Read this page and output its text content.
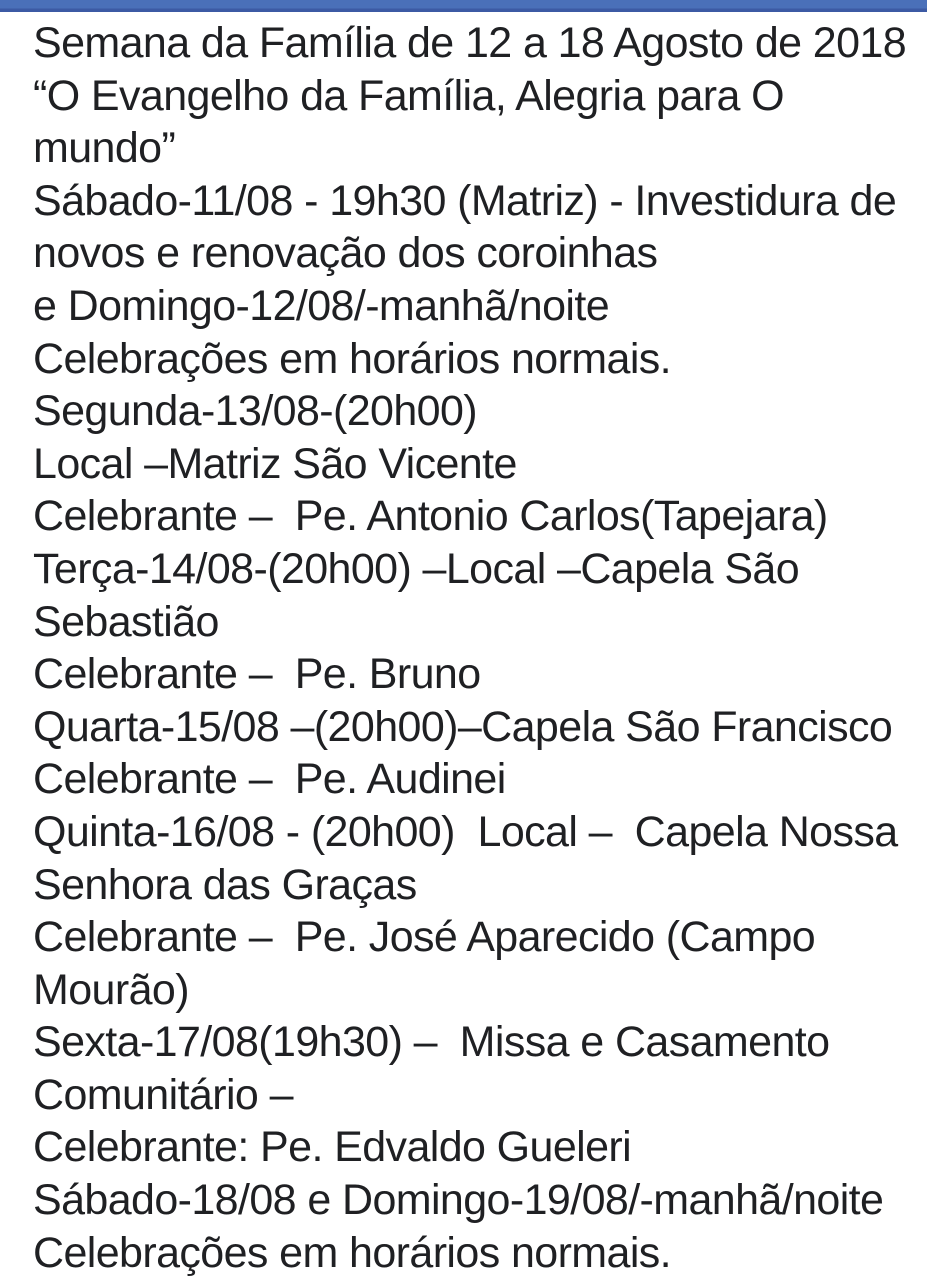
Semana da Família de 12 a 18 Agosto de 2018
“O Evangelho da Família, Alegria para O
mundo”
Sábado-11/08 - 19h30 (Matriz) - Investidura de
novos e renovação dos coroinhas
e Domingo-12/08/-manhã/noite
Celebrações em horários normais.
Segunda-13/08-(20h00)
Local –Matriz São Vicente
Celebrante –  Pe. Antonio Carlos(Tapejara)
Terça-14/08-(20h00) –Local –Capela São
Sebastião
Celebrante –  Pe. Bruno
Quarta-15/08 –(20h00)–Capela São Francisco
Celebrante –  Pe. Audinei
Quinta-16/08 - (20h00)  Local –  Capela Nossa
Senhora das Graças
Celebrante –  Pe. José Aparecido (Campo
Mourão)
Sexta-17/08(19h30) –  Missa e Casamento
Comunitário –
Celebrante: Pe. Edvaldo Gueleri
Sábado-18/08 e Domingo-19/08/-manhã/noite
Celebrações em horários normais.
